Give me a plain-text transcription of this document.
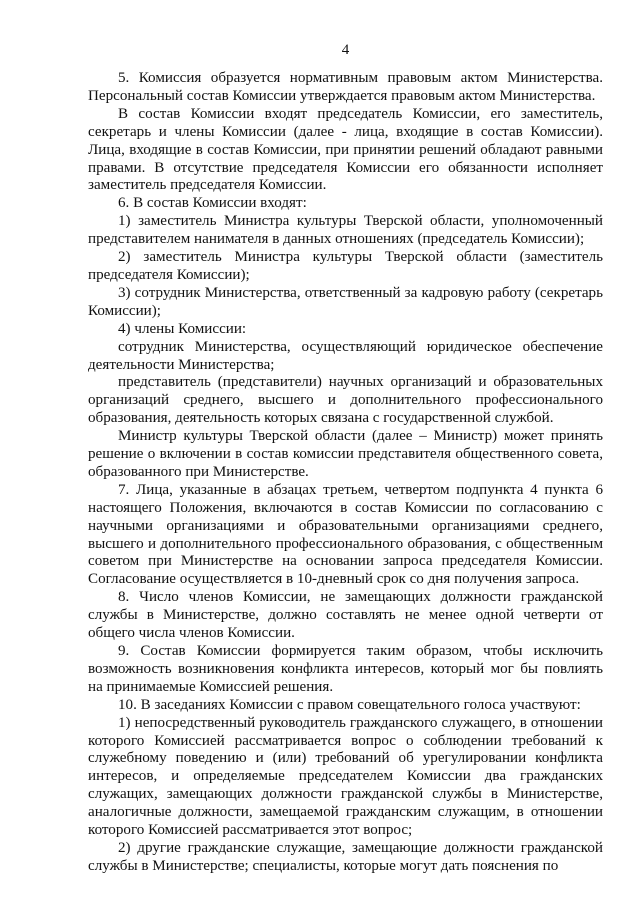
4

5. Комиссия образуется нормативным правовым актом Министерства. Персональный состав Комиссии утверждается правовым актом Министерства.

В состав Комиссии входят председатель Комиссии, его заместитель, секретарь и члены Комиссии (далее - лица, входящие в состав Комиссии). Лица, входящие в состав Комиссии, при принятии решений обладают равными правами. В отсутствие председателя Комиссии его обязанности исполняет заместитель председателя Комиссии.

6. В состав Комиссии входят:

1) заместитель Министра культуры Тверской области, уполномоченный представителем нанимателя в данных отношениях (председатель Комиссии);

2) заместитель Министра культуры Тверской области (заместитель председателя Комиссии);

3) сотрудник Министерства, ответственный за кадровую работу (секретарь Комиссии);

4) члены Комиссии:

сотрудник Министерства, осуществляющий юридическое обеспечение деятельности Министерства;

представитель (представители) научных организаций и образовательных организаций среднего, высшего и дополнительного профессионального образования, деятельность которых связана с государственной службой.

Министр культуры Тверской области (далее – Министр) может принять решение о включении в состав комиссии представителя общественного совета, образованного при Министерстве.

7. Лица, указанные в абзацах третьем, четвертом подпункта 4 пункта 6 настоящего Положения, включаются в состав Комиссии по согласованию с научными организациями и образовательными организациями среднего, высшего и дополнительного профессионального образования, с общественным советом при Министерстве на основании запроса председателя Комиссии. Согласование осуществляется в 10-дневный срок со дня получения запроса.

8. Число членов Комиссии, не замещающих должности гражданской службы в Министерстве, должно составлять не менее одной четверти от общего числа членов Комиссии.

9. Состав Комиссии формируется таким образом, чтобы исключить возможность возникновения конфликта интересов, который мог бы повлиять на принимаемые Комиссией решения.

10. В заседаниях Комиссии с правом совещательного голоса участвуют:

1) непосредственный руководитель гражданского служащего, в отношении которого Комиссией рассматривается вопрос о соблюдении требований к служебному поведению и (или) требований об урегулировании конфликта интересов, и определяемые председателем Комиссии два гражданских служащих, замещающих должности гражданской службы в Министерстве, аналогичные должности, замещаемой гражданским служащим, в отношении которого Комиссией рассматривается этот вопрос;

2) другие гражданские служащие, замещающие должности гражданской службы в Министерстве; специалисты, которые могут дать пояснения по
